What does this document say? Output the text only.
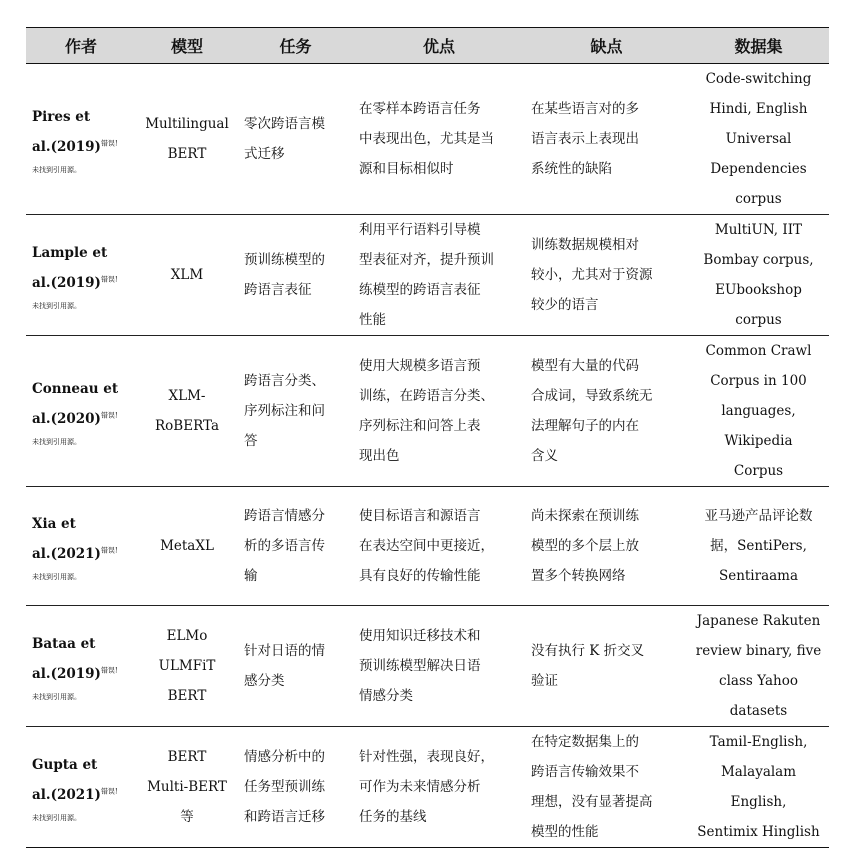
作者	模型	任务	优点	缺点	数据集

Pires et
al.(2019)$^{错误!}$
未找到引用源。	Multilingual
BERT	零次跨语言模
式迁移	在零样本跨语言任务
中表现出色，尤其是当
源和目标相似时	在某些语言对的多
语言表示上表现出
系统性的缺陷	Code-switching
Hindi, English
Universal
Dependencies corpus

Lample et
al.(2019)$^{错误!}$
未找到引用源。	XLM	预训练模型的
跨语言表征	利用平行语料引导模
型表征对齐，提升预训
练模型的跨语言表征
性能	训练数据规模相对
较小，尤其对于资源
较少的语言	MultiUN, IIT
Bombay corpus,
EUbookshop corpus

Conneau et
al.(2020)$^{错误!}$
未找到引用源。	XLM-
RoBERTa	跨语言分类、
序列标注和问
答	使用大规模多语言预
训练，在跨语言分类、
序列标注和问答上表
现出色	模型有大量的代码
合成词，导致系统无
法理解句子的内在
含义	Common Crawl
Corpus in 100
languages, Wikipedia
Corpus

Xia et
al.(2021)$^{错误!}$
未找到引用源。	MetaXL	跨语言情感分
析的多语言传
输	使目标语言和源语言
在表达空间中更接近，
具有良好的传输性能	尚未探索在预训练
模型的多个层上放
置多个转换网络	亚马逊产品评论数
据，SentiPers,
Sentiraama

Bataa et
al.(2019)$^{错误!}$
未找到引用源。	ELMo
ULMFiT
BERT	针对日语的情
感分类	使用知识迁移技术和
预训练模型解决日语
情感分类	没有执行 K 折交叉
验证	Japanese Rakuten
review binary, five
class Yahoo datasets

Gupta et
al.(2021)$^{错误!}$
未找到引用源。	BERT
Multi-BERT
等	情感分析中的
任务型预训练
和跨语言迁移	针对性强，表现良好，
可作为未来情感分析
任务的基线	在特定数据集上的
跨语言传输效果不
理想，没有显著提高
模型的性能	Tamil-English,
Malayalam English,
Sentimix Hinglish
